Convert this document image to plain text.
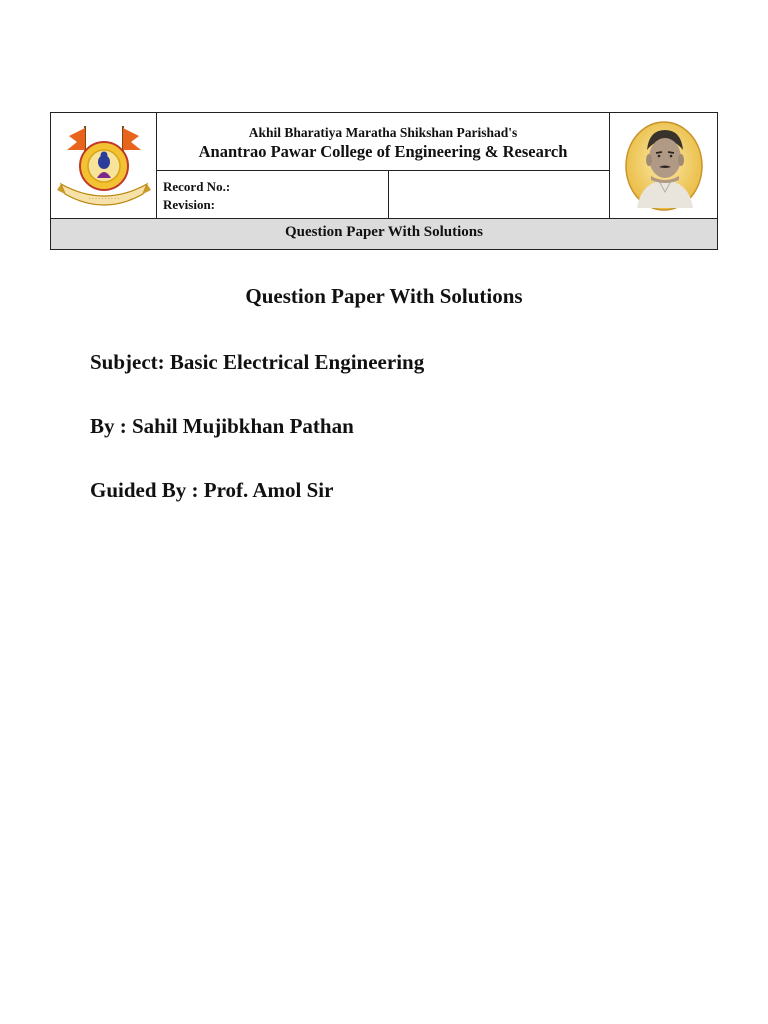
· · · · · · · · · ·
Akhil Bharatiya Maratha Shikshan Parishad's
Anantrao Pawar College of Engineering & Research
Record No.:
Revision:
Question Paper With Solutions
Question Paper With Solutions
Subject: Basic Electrical Engineering
By : Sahil Mujibkhan Pathan
Guided By : Prof. Amol Sir
